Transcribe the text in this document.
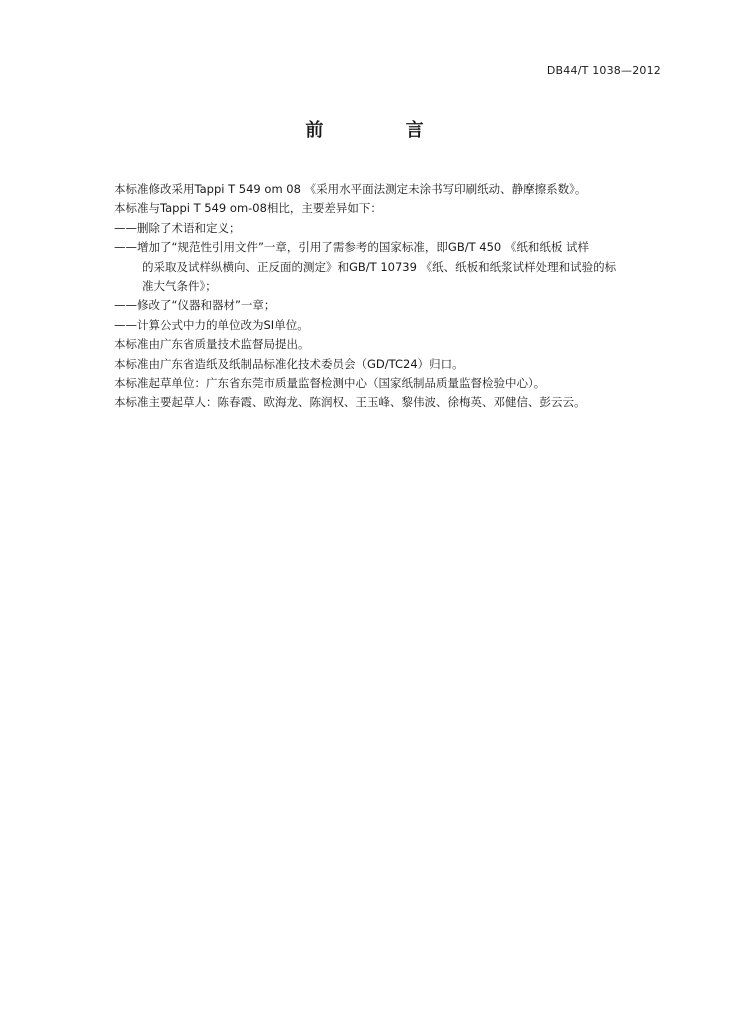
DB44/T 1038—2012
前 言
本标准修改采用Tappi T 549 om 08 《采用水平面法测定未涂书写印刷纸动、静摩擦系数》。
本标准与Tappi T 549 om-08相比，主要差异如下：
——删除了术语和定义；
——增加了“规范性引用文件”一章，引用了需参考的国家标准，即GB/T 450 《纸和纸板 试样
的采取及试样纵横向、正反面的测定》和GB/T 10739 《纸、纸板和纸浆试样处理和试验的标
准大气条件》；
——修改了“仪器和器材”一章；
——计算公式中力的单位改为SI单位。
本标准由广东省质量技术监督局提出。
本标准由广东省造纸及纸制品标准化技术委员会（GD/TC24）归口。
本标准起草单位：广东省东莞市质量监督检测中心（国家纸制品质量监督检验中心）。
本标准主要起草人：陈春霞、欧海龙、陈润权、王玉峰、黎伟波、徐梅英、邓健信、彭云云。
